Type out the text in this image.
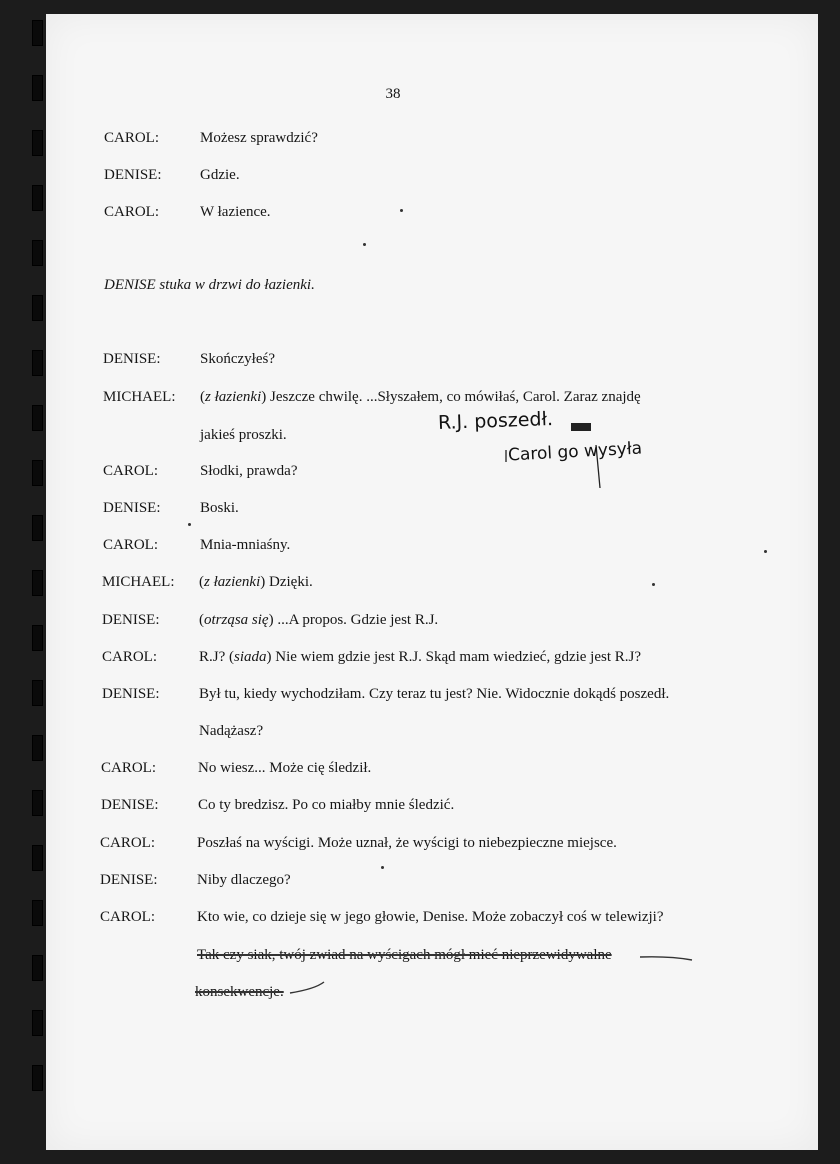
38
CAROL:	Możesz sprawdzić?
DENISE:	Gdzie.
CAROL:	W łazience.
DENISE stuka w drzwi do łazienki.
DENISE:	Skończyłeś?
MICHAEL: (z łazienki) Jeszcze chwilę. ...Słyszałem, co mówiłaś, Carol. Zaraz znajdę
jakieś proszki.
CAROL:	Słodki, prawda?
DENISE:	Boski.
CAROL:	Mnia-mniaśny.
MICHAEL: (z łazienki) Dzięki.
DENISE:	(otrząsa się) ...A propos. Gdzie jest R.J.
CAROL:	R.J? (siada) Nie wiem gdzie jest R.J. Skąd mam wiedzieć, gdzie jest R.J?
DENISE:	Był tu, kiedy wychodziłam. Czy teraz tu jest? Nie. Widocznie dokądś poszedł.
Nadążasz?
CAROL:	No wiesz... Może cię śledził.
DENISE:	Co ty bredzisz. Po co miałby mnie śledzić.
CAROL:	Poszłaś na wyścigi. Może uznał, że wyścigi to niebezpieczne miejsce.
DENISE:	Niby dlaczego?
CAROL:	Kto wie, co dzieje się w jego głowie, Denise. Może zobaczył coś w telewizji?
Tak czy siak, twój zwiad na wyścigach mógł mieć nieprzewidywalne
konsekwencje.
R.J. poszedł.
Carol go wysyła
